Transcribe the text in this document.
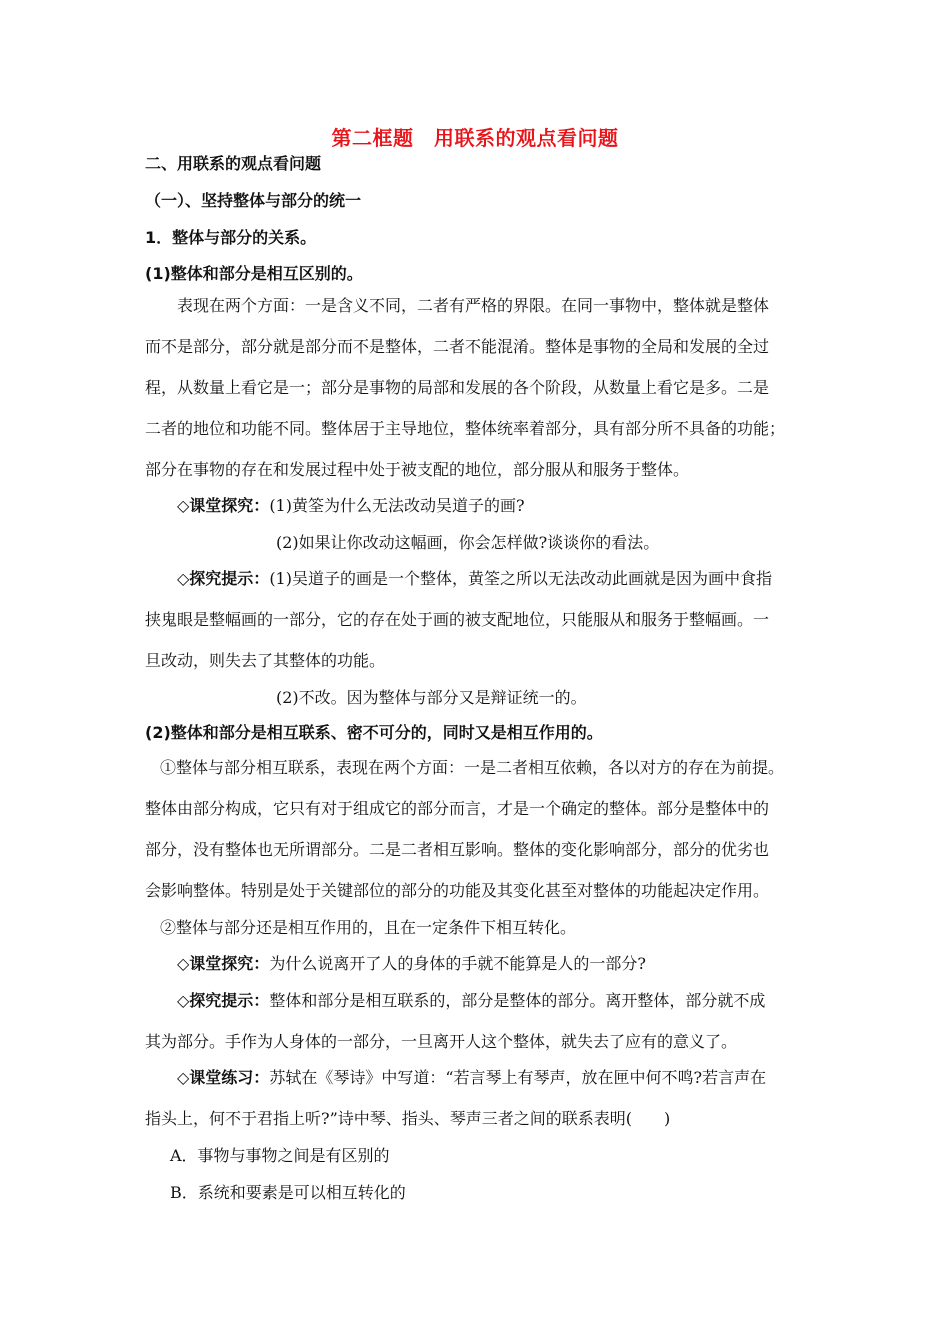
第二框题　用联系的观点看问题
二、用联系的观点看问题
（一）、坚持整体与部分的统一
1．整体与部分的关系。
(1)整体和部分是相互区别的。
表现在两个方面：一是含义不同，二者有严格的界限。在同一事物中，整体就是整体
而不是部分，部分就是部分而不是整体，二者不能混淆。整体是事物的全局和发展的全过
程，从数量上看它是一；部分是事物的局部和发展的各个阶段，从数量上看它是多。二是
二者的地位和功能不同。整体居于主导地位，整体统率着部分，具有部分所不具备的功能；
部分在事物的存在和发展过程中处于被支配的地位，部分服从和服务于整体。
◇课堂探究：(1)黄筌为什么无法改动吴道子的画?
(2)如果让你改动这幅画，你会怎样做?谈谈你的看法。
◇探究提示：(1)吴道子的画是一个整体，黄筌之所以无法改动此画就是因为画中食指
挟鬼眼是整幅画的一部分，它的存在处于画的被支配地位，只能服从和服务于整幅画。一
旦改动，则失去了其整体的功能。
(2)不改。因为整体与部分又是辩证统一的。
(2)整体和部分是相互联系、密不可分的，同时又是相互作用的。
①整体与部分相互联系，表现在两个方面：一是二者相互依赖，各以对方的存在为前提。
整体由部分构成，它只有对于组成它的部分而言，才是一个确定的整体。部分是整体中的
部分，没有整体也无所谓部分。二是二者相互影响。整体的变化影响部分，部分的优劣也
会影响整体。特别是处于关键部位的部分的功能及其变化甚至对整体的功能起决定作用。
②整体与部分还是相互作用的，且在一定条件下相互转化。
◇课堂探究：为什么说离开了人的身体的手就不能算是人的一部分?
◇探究提示：整体和部分是相互联系的，部分是整体的部分。离开整体，部分就不成
其为部分。手作为人身体的一部分，一旦离开人这个整体，就失去了应有的意义了。
◇课堂练习：苏轼在《琴诗》中写道：“若言琴上有琴声，放在匣中何不鸣?若言声在
指头上，何不于君指上听?”诗中琴、指头、琴声三者之间的联系表明(　　)
A．事物与事物之间是有区别的
B．系统和要素是可以相互转化的
